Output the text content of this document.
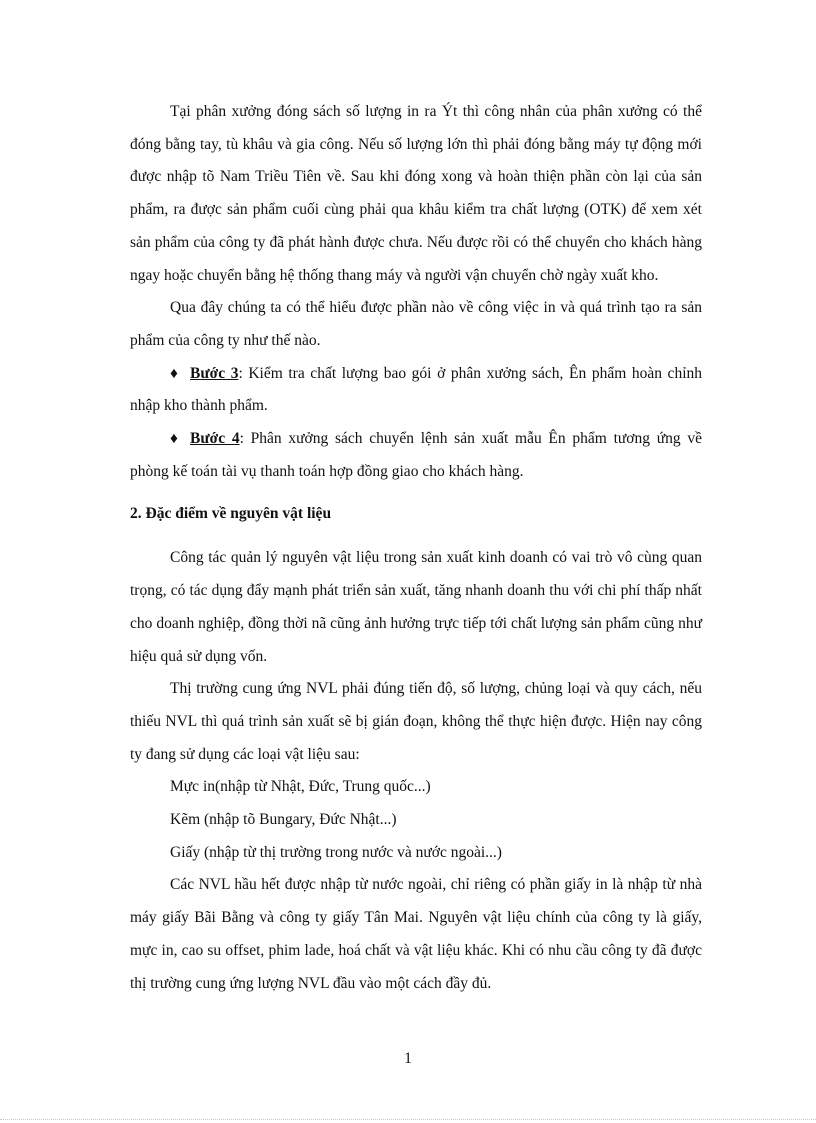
Tại phân xưởng đóng sách số lượng in ra Ýt thì công nhân của phân xưởng có thể đóng bằng tay, tù khâu và gia công. Nếu số lượng lớn thì phải đóng bằng máy tự động mới được nhập tõ Nam Triều Tiên về. Sau khi đóng xong và hoàn thiện phần còn lại của sản phẩm, ra được sản phẩm cuối cùng phải qua khâu kiểm tra chất lượng (OTK) để xem xét sản phẩm của công ty đã phát hành được chưa. Nếu được rồi có thể chuyển cho khách hàng ngay hoặc chuyển bằng hệ thống thang máy và người vận chuyển chờ ngày xuất kho.

Qua đây chúng ta có thể hiểu được phần nào về công việc in và quá trình tạo ra sản phẩm của công ty như thế nào.

♦ Bước 3: Kiểm tra chất lượng bao gói ở phân xưởng sách, Ên phẩm hoàn chỉnh nhập kho thành phẩm.

♦ Bước 4: Phân xưởng sách chuyển lệnh sản xuất mẫu Ên phẩm tương ứng về phòng kế toán tài vụ thanh toán hợp đồng giao cho khách hàng.

2. Đặc điểm về nguyên vật liệu

Công tác quản lý nguyên vật liệu trong sản xuất kinh doanh có vai trò vô cùng quan trọng, có tác dụng đẩy mạnh phát triển sản xuất, tăng nhanh doanh thu với chi phí thấp nhất cho doanh nghiệp, đồng thời nã cũng ảnh hưởng trực tiếp tới chất lượng sản phẩm cũng như hiệu quả sử dụng vốn.

Thị trường cung ứng NVL phải đúng tiến độ, số lượng, chủng loại và quy cách, nếu thiếu NVL thì quá trình sản xuất sẽ bị gián đoạn, không thể thực hiện được. Hiện nay công ty đang sử dụng các loại vật liệu sau:

Mực in(nhập từ Nhật, Đức, Trung quốc...)

Kẽm (nhập tõ Bungary, Đức Nhật...)

Giấy (nhập từ thị trường trong nước và nước ngoài...)

Các NVL hầu hết được nhập từ nước ngoài, chỉ riêng có phần giấy in là nhập từ nhà máy giấy Bãi Bằng và công ty giấy Tân Mai. Nguyên vật liệu chính của công ty là giấy, mực in, cao su offset, phim lade, hoá chất và vật liệu khác. Khi có nhu cầu công ty đã được thị trường cung ứng lượng NVL đầu vào một cách đầy đủ.

1
